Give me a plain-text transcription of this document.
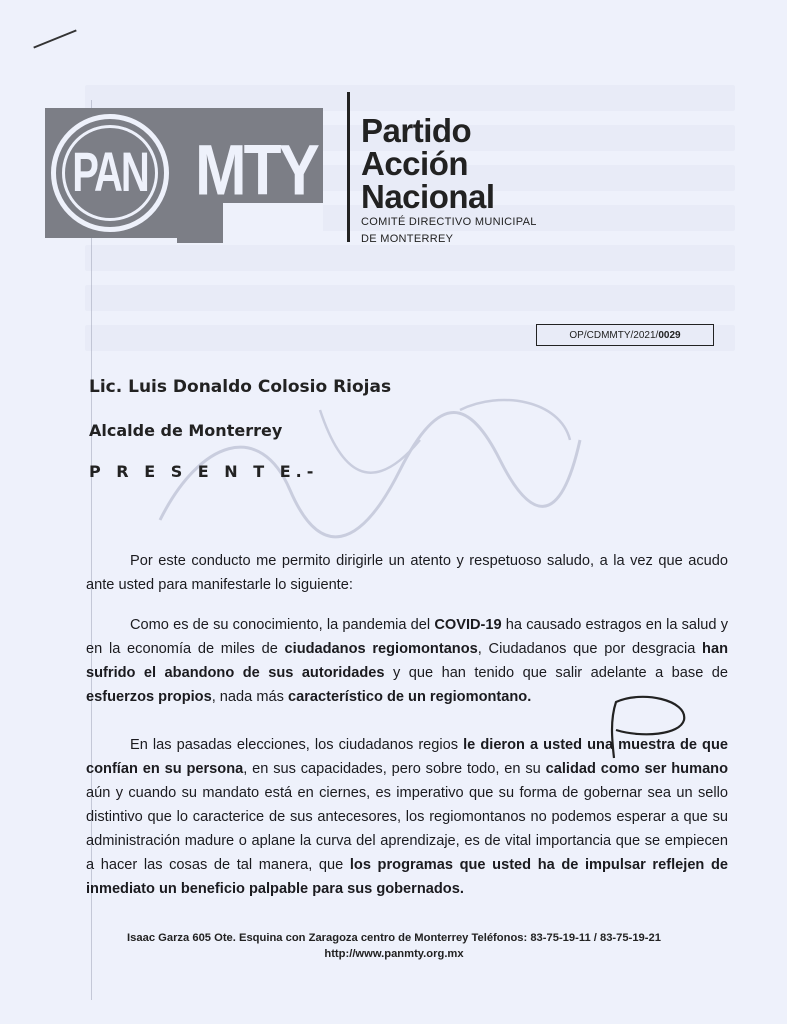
PAN MTY
Partido
Acción
Nacional
COMITÉ DIRECTIVO MUNICIPAL
DE MONTERREY
OP/CDMMTY/2021/0029
Lic. Luis Donaldo Colosio Riojas
Alcalde de Monterrey
P R E S E N T E.-
Por este conducto me permito dirigirle un atento y respetuoso saludo, a la vez que acudo ante usted para manifestarle lo siguiente:
Como es de su conocimiento, la pandemia del COVID-19 ha causado estragos en la salud y en la economía de miles de ciudadanos regiomontanos, Ciudadanos que por desgracia han sufrido el abandono de sus autoridades y que han tenido que salir adelante a base de esfuerzos propios, nada más característico de un regiomontano.
En las pasadas elecciones, los ciudadanos regios le dieron a usted una muestra de que confían en su persona, en sus capacidades, pero sobre todo, en su calidad como ser humano aún y cuando su mandato está en ciernes, es imperativo que su forma de gobernar sea un sello distintivo que lo caracterice de sus antecesores, los regiomontanos no podemos esperar a que su administración madure o aplane la curva del aprendizaje, es de vital importancia que se empiecen a hacer las cosas de tal manera, que los programas que usted ha de impulsar reflejen de inmediato un beneficio palpable para sus gobernados.
Isaac Garza 605 Ote. Esquina con Zaragoza centro de Monterrey Teléfonos: 83-75-19-11 / 83-75-19-21
http://www.panmty.org.mx
